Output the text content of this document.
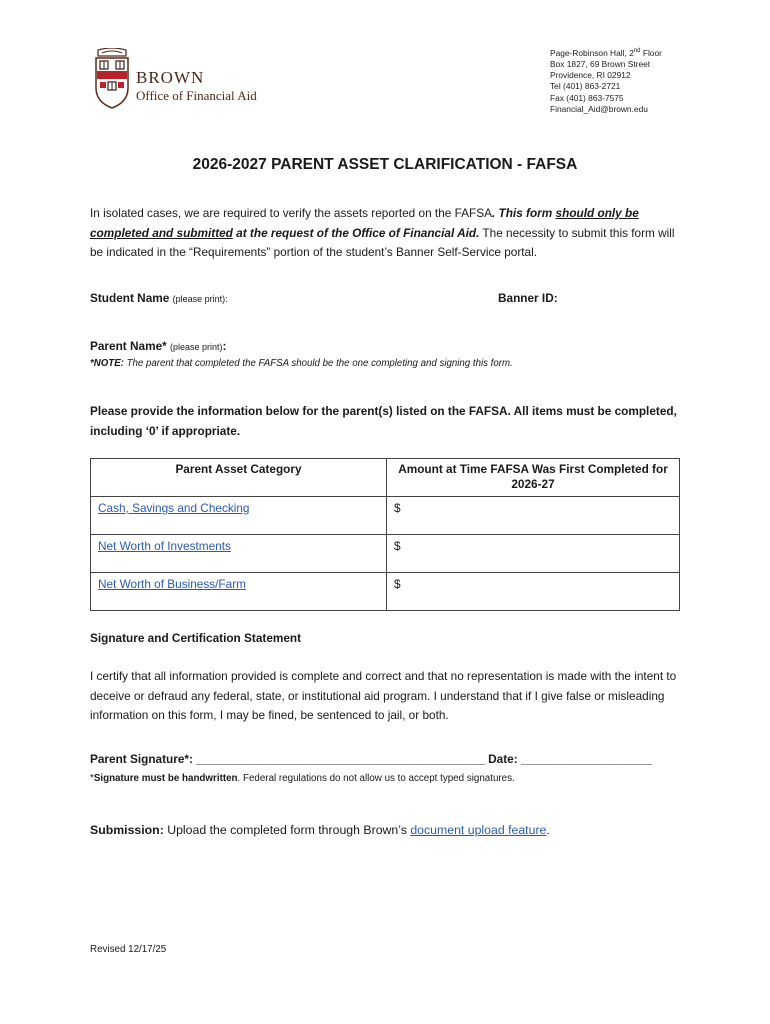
BROWN
Office of Financial Aid
Page-Robinson Hall, 2nd Floor
Box 1827, 69 Brown Street
Providence, RI 02912
Tel (401) 863-2721
Fax (401) 863-7575
Financial_Aid@brown.edu
2026-2027 PARENT ASSET CLARIFICATION - FAFSA
In isolated cases, we are required to verify the assets reported on the FAFSA. This form should only be completed and submitted at the request of the Office of Financial Aid. The necessity to submit this form will be indicated in the “Requirements” portion of the student’s Banner Self-Service portal.
Student Name (please print):	Banner ID:
Parent Name* (please print):
*NOTE: The parent that completed the FAFSA should be the one completing and signing this form.
Please provide the information below for the parent(s) listed on the FAFSA. All items must be completed, including ‘0’ if appropriate.
Parent Asset Category	Amount at Time FAFSA Was First Completed for 2026-27
Cash, Savings and Checking	$
Net Worth of Investments	$
Net Worth of Business/Farm	$
Signature and Certification Statement
I certify that all information provided is complete and correct and that no representation is made with the intent to deceive or defraud any federal, state, or institutional aid program. I understand that if I give false or misleading information on this form, I may be fined, be sentenced to jail, or both.
Parent Signature*: ____________________________________________ Date: ____________________
*Signature must be handwritten. Federal regulations do not allow us to accept typed signatures.
Submission: Upload the completed form through Brown’s document upload feature.
Revised 12/17/25
